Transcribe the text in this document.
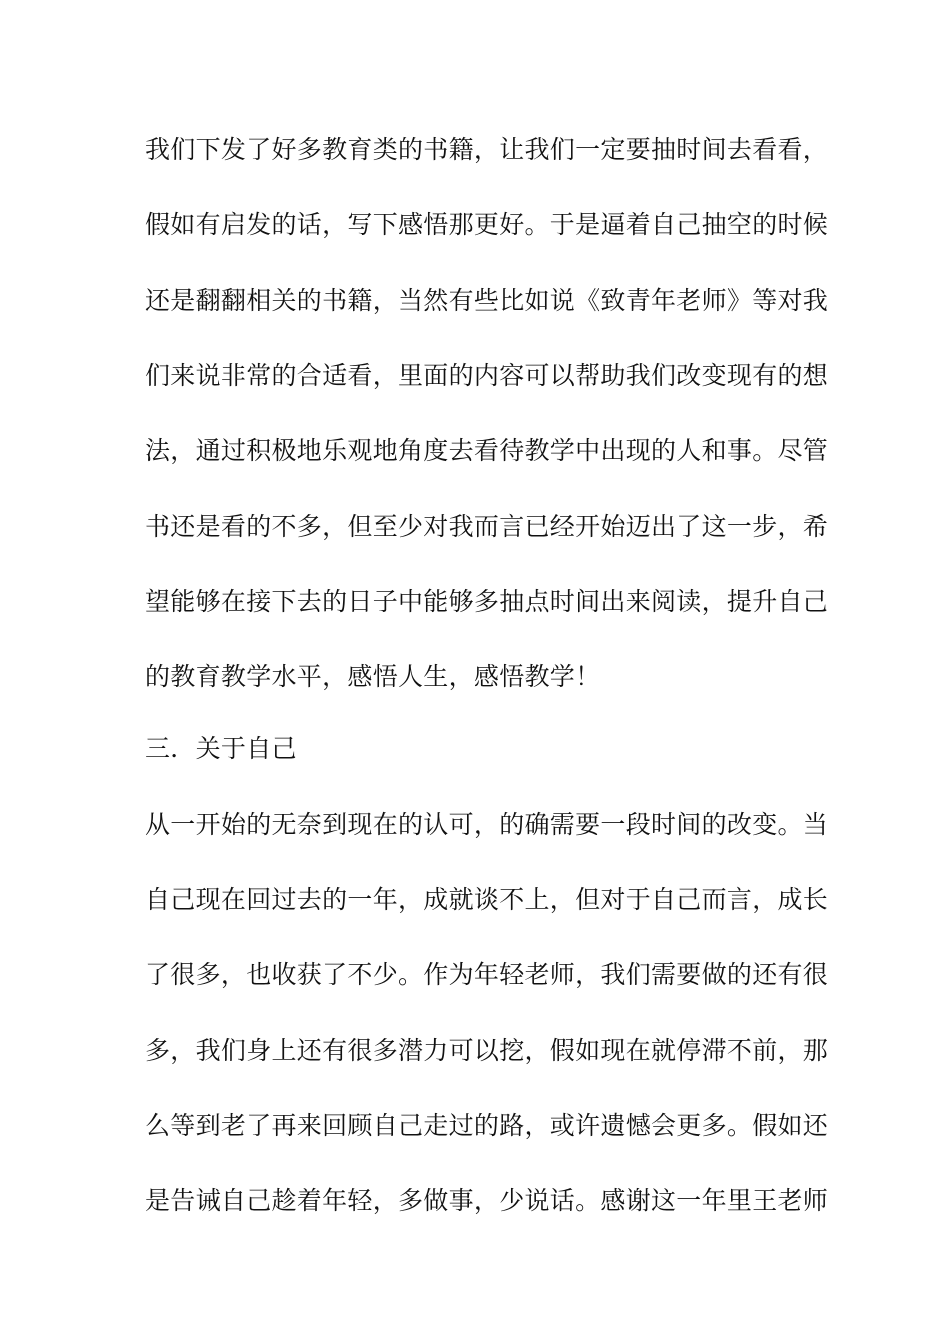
我们下发了好多教育类的书籍，让我们一定要抽时间去看看，
假如有启发的话，写下感悟那更好。于是逼着自己抽空的时候
还是翻翻相关的书籍，当然有些比如说《致青年老师》等对我
们来说非常的合适看，里面的内容可以帮助我们改变现有的想
法，通过积极地乐观地角度去看待教学中出现的人和事。尽管
书还是看的不多，但至少对我而言已经开始迈出了这一步，希
望能够在接下去的日子中能够多抽点时间出来阅读，提升自己
的教育教学水平，感悟人生，感悟教学！
三．关于自己
从一开始的无奈到现在的认可，的确需要一段时间的改变。当
自己现在回过去的一年，成就谈不上，但对于自己而言，成长
了很多，也收获了不少。作为年轻老师，我们需要做的还有很
多，我们身上还有很多潜力可以挖，假如现在就停滞不前，那
么等到老了再来回顾自己走过的路，或许遗憾会更多。假如还
是告诫自己趁着年轻，多做事，少说话。感谢这一年里王老师
